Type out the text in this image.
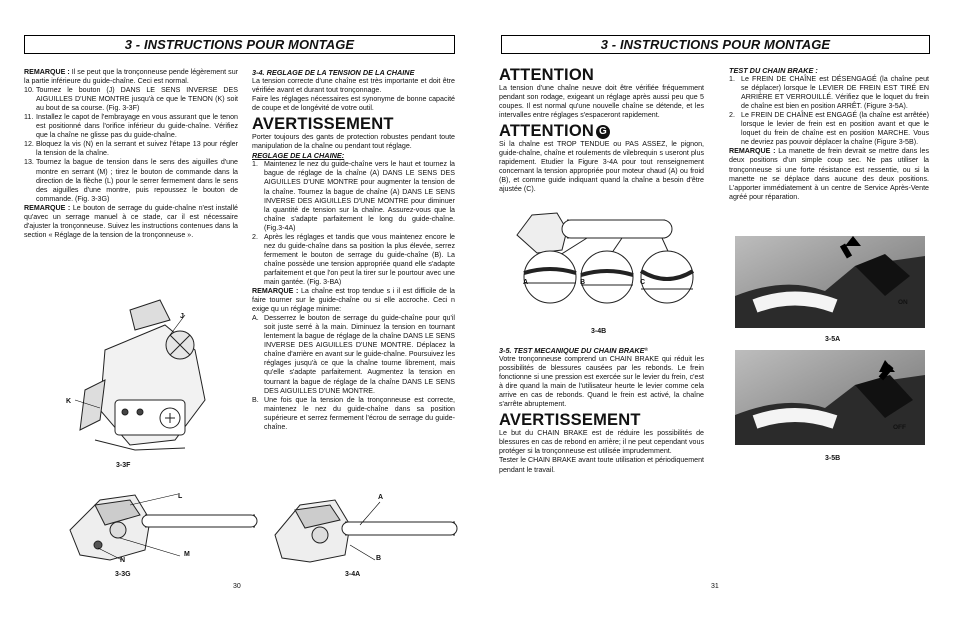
3 - INSTRUCTIONS POUR MONTAGE

REMARQUE : Il se peut que la tronçonneuse pende légèrement sur la partie inférieure du guide-chaîne. Ceci est normal.

10. Tournez le bouton (J) DANS LE SENS INVERSE DES AIGUILLES D'UNE MONTRE jusqu'à ce que le TENON (K) soit au bout de sa course. (Fig. 3-3F)
11. Installez le capot de l'embrayage en vous assurant que le tenon est positionné dans l'orifice inférieur du guide-chaîne. Vérifiez que la chaîne ne glisse pas du guide-chaîne.
12. Bloquez la vis (N) en la serrant et suivez l'étape 13 pour régler la tension de la chaîne.
13. Tournez la bague de tension dans le sens des aiguilles d'une montre en serrant (M) ; tirez le bouton de commande dans la direction de la flèche (L) pour le serrer fermement dans le sens des aiguilles d'une montre, puis repoussez le bouton de commande. (Fig. 3-3G)

REMARQUE : Le bouton de serrage du guide-chaîne n'est installé qu'avec un serrage manuel à ce stade, car il est nécessaire d'ajuster la tronçonneuse. Suivez les instructions contenues dans la section « Réglage de la tension de la tronçonneuse ».

J
K
3-3F
L
M
N
3-3G

3-4. REGLAGE DE LA TENSION DE LA CHAINE

La tension correcte d'une chaîne est très importante et doit être vérifiée avant et durant tout tronçonnage.

Faire les réglages nécessaires est synonyme de bonne capacité de coupe et de longévité de votre outil.

AVERTISSEMENT

Porter toujours des gants de protection robustes pendant toute manipulation de la chaîne ou pendant tout réglage.

REGLAGE DE LA CHAINE:

1. Maintenez le nez du guide-chaîne vers le haut et tournez la bague de réglage de la chaîne (A) DANS LE SENS DES AIGUILLES D'UNE MONTRE pour augmenter la tension de la chaîne. Tournez la bague de chaîne (A) DANS LE SENS INVERSE DES AIGUILLES D'UNE MONTRE pour diminuer la quantité de tension sur la chaîne. Assurez-vous que la chaîne s'adapte parfaitement le long du guide-chaîne. (Fig.3-4A)
2. Après les réglages et tandis que vous maintenez encore le nez du guide-chaîne dans sa position la plus élevée, serrez fermement le bouton de serrage du guide-chaîne (B). La chaîne possède une tension appropriée quand elle s'adapte parfaitement et que l'on peut la tirer sur le pourtour avec une main gantée. (Fig. 3-BA)

REMARQUE : La chaîne est trop tendue s i il est difficile de la faire tourner sur le guide-chaîne ou si elle accroche. Ceci n exige qu un réglage minime:

A. Desserrez le bouton de serrage du guide-chaîne pour qu'il soit juste serré à la main. Diminuez la tension en tournant lentement la bague de réglage de la chaîne DANS LE SENS INVERSE DES AIGUILLES D'UNE MONTRE. Déplacez la chaîne d'arrière en avant sur le guide-chaîne. Poursuivez les réglages jusqu'à ce que la chaîne tourne librement, mais qu'elle s'adapte parfaitement. Augmentez la tension en tournant la bague de réglage de la chaîne DANS LE SENS DES AIGUILLES D'UNE MONTRE.
B. Une fois que la tension de la tronçonneuse est correcte, maintenez le nez du guide-chaîne dans sa position supérieure et serrez fermement l'écrou de serrage du guide-chaîne.
A
B
3-4A
30
3 - INSTRUCTIONS POUR MONTAGE

ATTENTION

La tension d'une chaîne neuve doit être vérifiée fréquemment pendant son rodage, exigeant un réglage après aussi peu que 5 coupes. Il est normal qu'une nouvelle chaîne se détende, et les intervalles entre réglages s'espaceront rapidement.

ATTENTION G

Si la chaîne est TROP TENDUE ou PAS ASSEZ, le pignon, guide-chaîne, chaîne et roulements de vilebrequin s useront plus rapidement. Etudier la Figure 3-4A pour tout renseignement concernant la tension appropriée pour moteur chaud (A) ou froid (B), et comme guide indiquant quand la chaîne a besoin d'être ajustée (C).

A	B	C
3-4B

3-5. TEST MECANIQUE DU CHAIN BRAKE®

Votre tronçonneuse comprend un CHAIN BRAKE qui réduit les possibilités de blessures causées par les rebonds. Le frein fonctionne si une pression est exercée sur le levier du frein, c'est à dire quand la main de l'utilisateur heurte le levier comme cela arrive en cas de rebonds. Quand le frein est activé, la chaîne s'arrête abruptement.

AVERTISSEMENT

Le but du CHAIN BRAKE est de réduire les possibilités de blessures en cas de rebond en arrière; il ne peut cependant vous protéger si la tronçonneuse est utilisée imprudemment.

Tester le CHAIN BRAKE avant toute utilisation et périodiquement pendant le travail.

TEST DU CHAIN BRAKE :

1. Le FREIN DE CHAÎNE est DÉSENGAGÉ (la chaîne peut se déplacer) lorsque le LEVIER DE FREIN EST TIRÉ EN ARRIÈRE ET VERROUILLÉ. Vérifiez que le loquet du frein de chaîne est bien en position ARRÊT. (Figure 3-5A).
2. Le FREIN DE CHAÎNE est ENGAGÉ (la chaîne est arrêtée) lorsque le levier de frein est en position avant et que le loquet du frein de chaîne est en position MARCHE. Vous ne devriez pas pouvoir déplacer la chaîne (Figure 3-5B).

REMARQUE : La manette de frein devrait se mettre dans les deux positions d'un simple coup sec. Ne pas utiliser la tronçonneuse si une forte résistance est ressentie, ou si la manette ne se déplace dans aucune des deux positions. L'apporter immédiatement à un centre de Service Après-Vente agréé pour réparation.

ON
3-5A
OFF
3-5B
31
